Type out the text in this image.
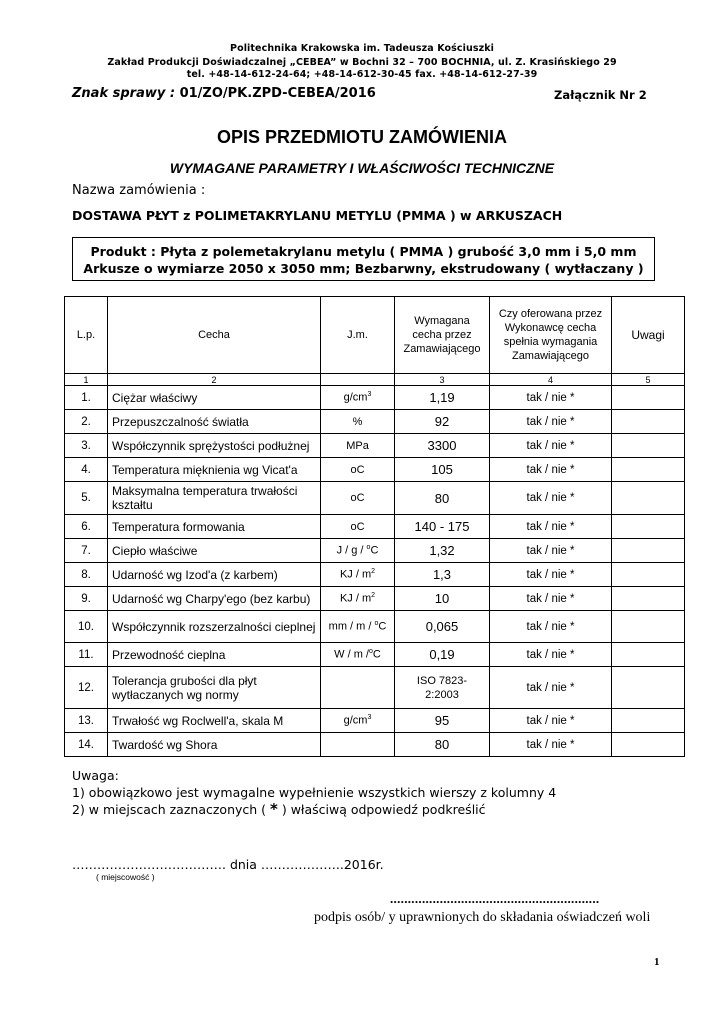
Politechnika Krakowska im. Tadeusza Kościuszki
Zakład Produkcji Doświadczalnej „CEBEA” w Bochni 32 – 700 BOCHNIA, ul. Z. Krasińskiego 29
tel. +48-14-612-24-64; +48-14-612-30-45 fax. +48-14-612-27-39
Znak sprawy : 01/ZO/PK.ZPD-CEBEA/2016	Załącznik Nr 2
OPIS PRZEDMIOTU ZAMÓWIENIA
WYMAGANE PARAMETRY I WŁAŚCIWOŚCI TECHNICZNE
Nazwa zamówienia :
DOSTAWA PŁYT z POLIMETAKRYLANU METYLU (PMMA ) w ARKUSZACH
Produkt : Płyta z polemetakrylanu metylu ( PMMA ) grubość 3,0 mm i 5,0 mm
Arkusze o wymiarze 2050 x 3050 mm; Bezbarwny, ekstrudowany ( wytłaczany )
L.p.	Cecha	J.m.	Wymagana cecha przez Zamawiającego	Czy oferowana przez Wykonawcę cecha spełnia wymagania Zamawiającego	Uwagi
1	2		3	4	5
1.	Ciężar właściwy	$g/cm^3$	1,19	tak / nie *	
2.	Przepuszczalność światła	%	92	tak / nie *	
3.	Współczynnik sprężystości podłużnej	MPa	3300	tak / nie *	
4.	Temperatura mięknienia wg Vicat'a	oC	105	tak / nie *	
5.	Maksymalna temperatura trwałości kształtu	oC	80	tak / nie *	
6.	Temperatura formowania	oC	140 - 175	tak / nie *	
7.	Ciepło właściwe	J / g / $^o$C	1,32	tak / nie *	
8.	Udarność wg Izod'a (z karbem)	KJ / $m^2$	1,3	tak / nie *	
9.	Udarność wg Charpy'ego (bez karbu)	KJ / $m^2$	10	tak / nie *	
10.	Współczynnik rozszerzalności cieplnej	mm / m / $^o$C	0,065	tak / nie *	
11.	Przewodność cieplna	W / m /$^o$C	0,19	tak / nie *	
12.	Tolerancja grubości dla płyt wytłaczanych wg normy		ISO 7823-2:2003	tak / nie *	
13.	Trwałość wg Roclwell'a, skala M	$g/cm^3$	95	tak / nie *	
14.	Twardość wg Shora		80	tak / nie *	
Uwaga:
1) obowiązkowo jest wymagalne wypełnienie wszystkich wierszy z kolumny 4
2) w miejscach zaznaczonych ( * ) właściwą odpowiedź podkreślić
………………………………. dnia ………………..2016r.
( miejscowość )
...........................................................
podpis osób/ y uprawnionych do składania oświadczeń woli
1
